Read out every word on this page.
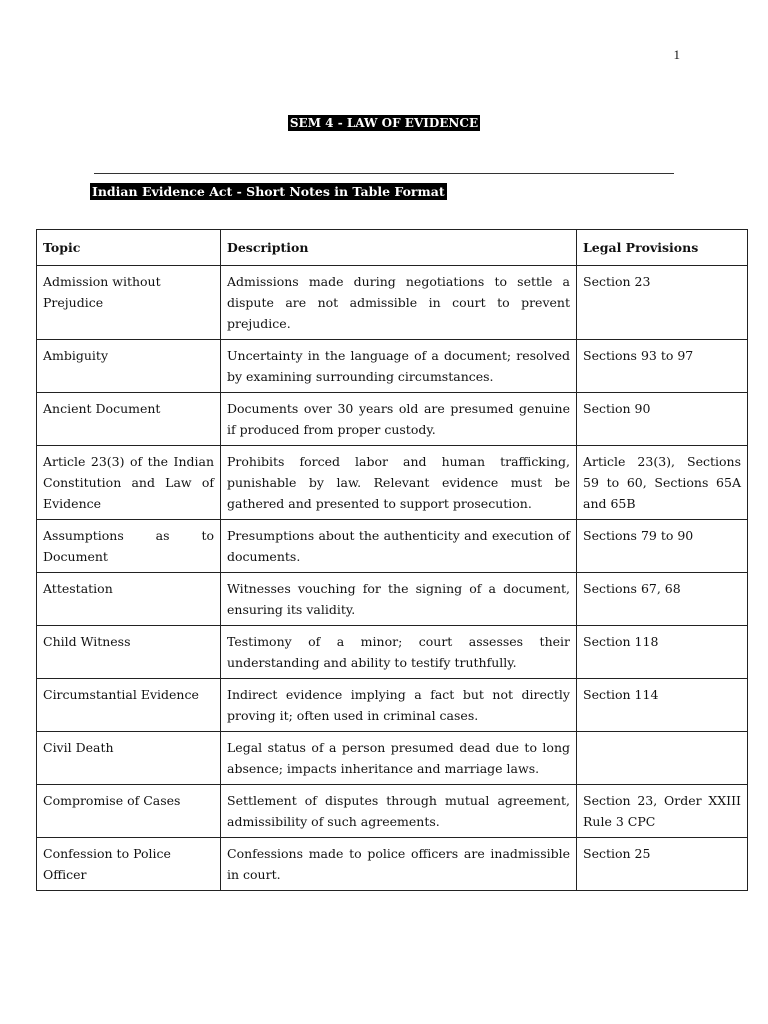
1
SEM 4 - LAW OF EVIDENCE
Indian Evidence Act - Short Notes in Table Format
Topic	Description	Legal Provisions
Admission without Prejudice	Admissions made during negotiations to settle a dispute are not admissible in court to prevent prejudice.	Section 23
Ambiguity	Uncertainty in the language of a document; resolved by examining surrounding circumstances.	Sections 93 to 97
Ancient Document	Documents over 30 years old are presumed genuine if produced from proper custody.	Section 90
Article 23(3) of the Indian Constitution and Law of Evidence	Prohibits forced labor and human trafficking, punishable by law. Relevant evidence must be gathered and presented to support prosecution.	Article 23(3), Sections 59 to 60, Sections 65A and 65B
Assumptions as to Document	Presumptions about the authenticity and execution of documents.	Sections 79 to 90
Attestation	Witnesses vouching for the signing of a document, ensuring its validity.	Sections 67, 68
Child Witness	Testimony of a minor; court assesses their understanding and ability to testify truthfully.	Section 118
Circumstantial Evidence	Indirect evidence implying a fact but not directly proving it; often used in criminal cases.	Section 114
Civil Death	Legal status of a person presumed dead due to long absence; impacts inheritance and marriage laws.	
Compromise of Cases	Settlement of disputes through mutual agreement, admissibility of such agreements.	Section 23, Order XXIII Rule 3 CPC
Confession to Police Officer	Confessions made to police officers are inadmissible in court.	Section 25
